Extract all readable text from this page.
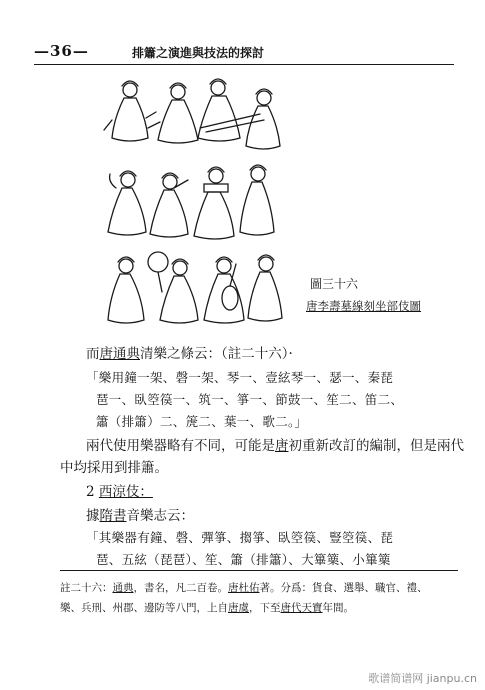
—36—	排簫之演進與技法的探討
圖三十六
唐李壽墓線刻坐部伎圖
而唐通典清樂之條云：（註二十六）·
「樂用鐘一架、磬一架、琴一、壹絃琴一、瑟一、秦琵
琶一、臥箜篌一、筑一、箏一、節鼓一、笙二、笛二、
簫（排簫）二、箎二、葉一、歌二。」
兩代使用樂器略有不同，可能是唐初重新改訂的編制，但是兩代
中均採用到排簫。
2 西涼伎：
據隋書音樂志云：
「其樂器有鐘、磬、彈箏、搊箏、臥箜篌、豎箜篌、琵
琶、五絃（琵琶）、笙、簫（排簫）、大篳篥、小篳篥
註二十六：通典，書名，凡二百卷。唐杜佑著。分爲：貨食、選舉、職官、禮、
樂、兵刑、州郡、邊防等八門，上自唐虞，下至唐代天寶年間。
歌谱简谱网 jianpu.cn
